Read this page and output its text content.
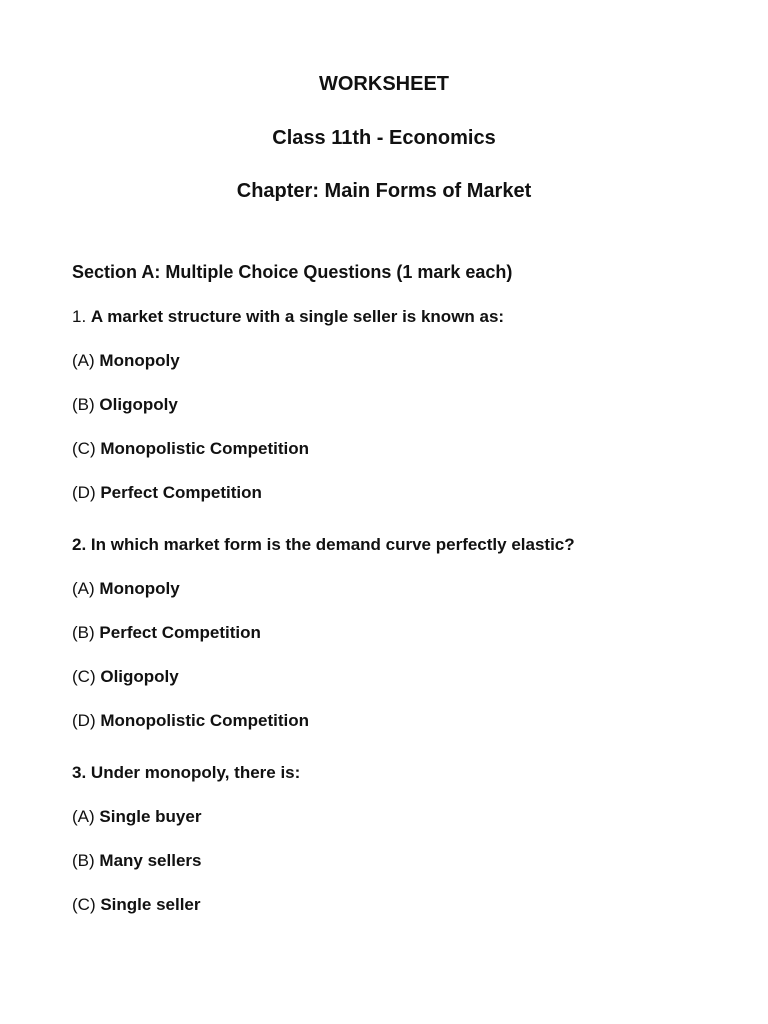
WORKSHEET
Class 11th - Economics
Chapter: Main Forms of Market
Section A: Multiple Choice Questions (1 mark each)
1. A market structure with a single seller is known as:
(A) Monopoly
(B) Oligopoly
(C) Monopolistic Competition
(D) Perfect Competition
2. In which market form is the demand curve perfectly elastic?
(A) Monopoly
(B) Perfect Competition
(C) Oligopoly
(D) Monopolistic Competition
3. Under monopoly, there is:
(A) Single buyer
(B) Many sellers
(C) Single seller
